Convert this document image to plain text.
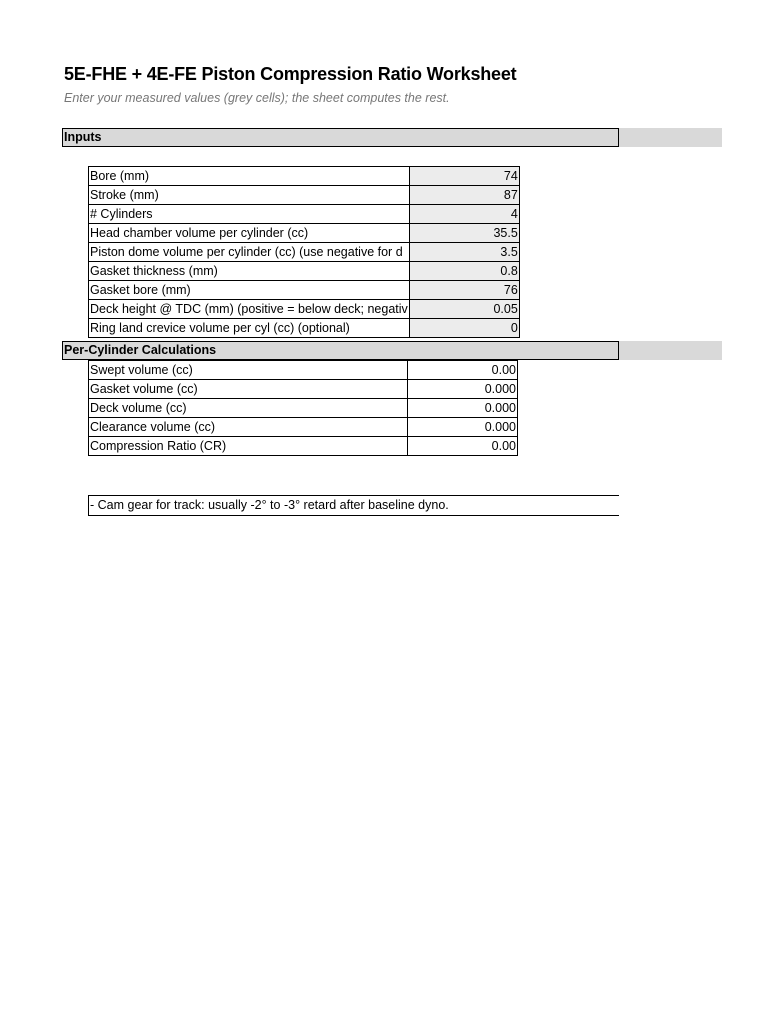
5E-FHE + 4E-FE Piston Compression Ratio Worksheet
Enter your measured values (grey cells); the sheet computes the rest.
Inputs
Bore (mm)	74
Stroke (mm)	87
# Cylinders	4
Head chamber volume per cylinder (cc)	35.5
Piston dome volume per cylinder (cc) (use negative for d	3.5
Gasket thickness (mm)	0.8
Gasket bore (mm)	76
Deck height @ TDC (mm) (positive = below deck; negativ	0.05
Ring land crevice volume per cyl (cc) (optional)	0
Per-Cylinder Calculations
Swept volume (cc)	0.00
Gasket volume (cc)	0.000
Deck volume (cc)	0.000
Clearance volume (cc)	0.000
Compression Ratio (CR)	0.00
- Cam gear for track: usually -2° to -3° retard after baseline dyno.
